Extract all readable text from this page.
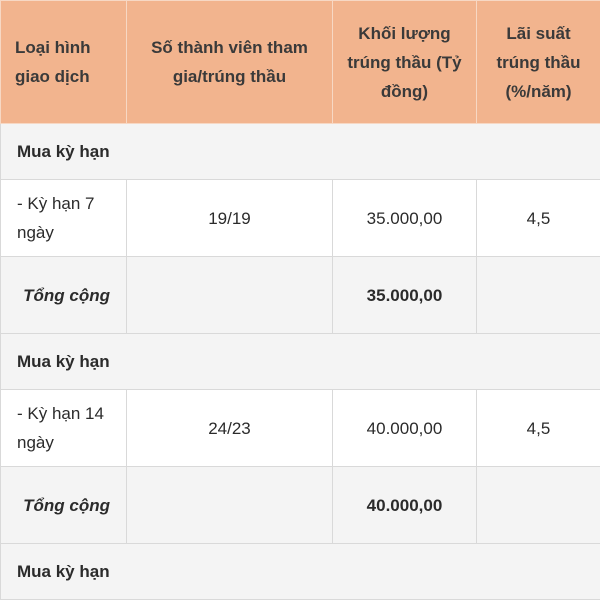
Loại hình giao dịch	Số thành viên tham gia/trúng thầu	Khối lượng trúng thầu (Tỷ đồng)	Lãi suất trúng thầu (%/năm)
Mua kỳ hạn			
- Kỳ hạn 7 ngày	19/19	35.000,00	4,5
Tổng cộng		35.000,00	
Mua kỳ hạn			
- Kỳ hạn 14 ngày	24/23	40.000,00	4,5
Tổng cộng		40.000,00	
Mua kỳ hạn			
